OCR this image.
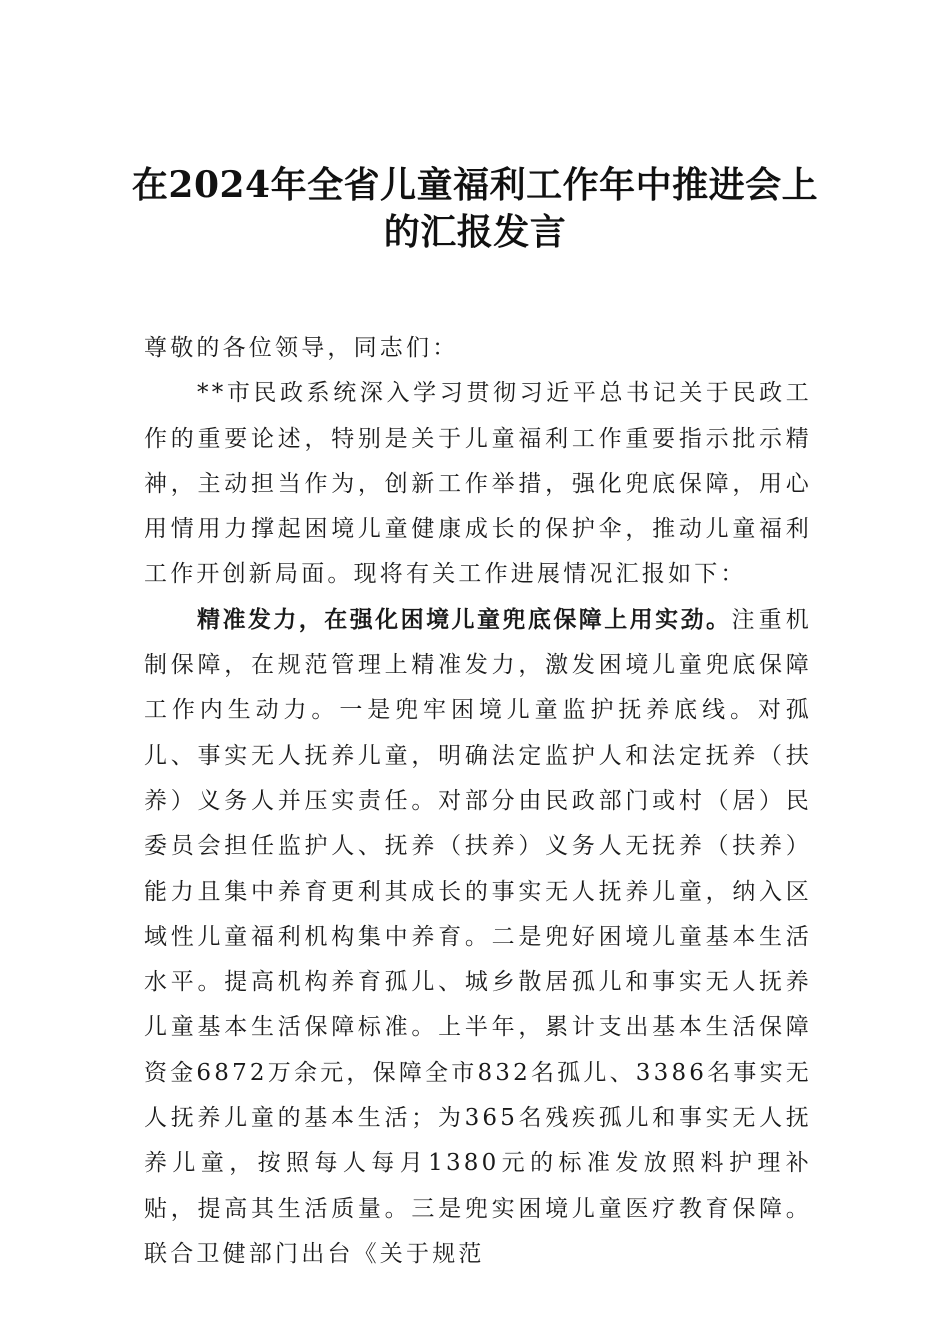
在2024年全省儿童福利工作年中推进会上
的汇报发言

尊敬的各位领导，同志们：

**市民政系统深入学习贯彻习近平总书记关于民政工作的重要论述，特别是关于儿童福利工作重要指示批示精神，主动担当作为，创新工作举措，强化兜底保障，用心用情用力撑起困境儿童健康成长的保护伞，推动儿童福利工作开创新局面。现将有关工作进展情况汇报如下：

精准发力，在强化困境儿童兜底保障上用实劲。注重机制保障，在规范管理上精准发力，激发困境儿童兜底保障工作内生动力。一是兜牢困境儿童监护抚养底线。对孤儿、事实无人抚养儿童，明确法定监护人和法定抚养（扶养）义务人并压实责任。对部分由民政部门或村（居）民委员会担任监护人、抚养（扶养）义务人无抚养（扶养）能力且集中养育更利其成长的事实无人抚养儿童，纳入区域性儿童福利机构集中养育。二是兜好困境儿童基本生活水平。提高机构养育孤儿、城乡散居孤儿和事实无人抚养儿童基本生活保障标准。上半年，累计支出基本生活保障资金6872万余元，保障全市832名孤儿、3386名事实无人抚养儿童的基本生活；为365名残疾孤儿和事实无人抚养儿童，按照每人每月1380元的标准发放照料护理补贴，提高其生活质量。三是兜实困境儿童医疗教育保障。联合卫健部门出台《关于规范
